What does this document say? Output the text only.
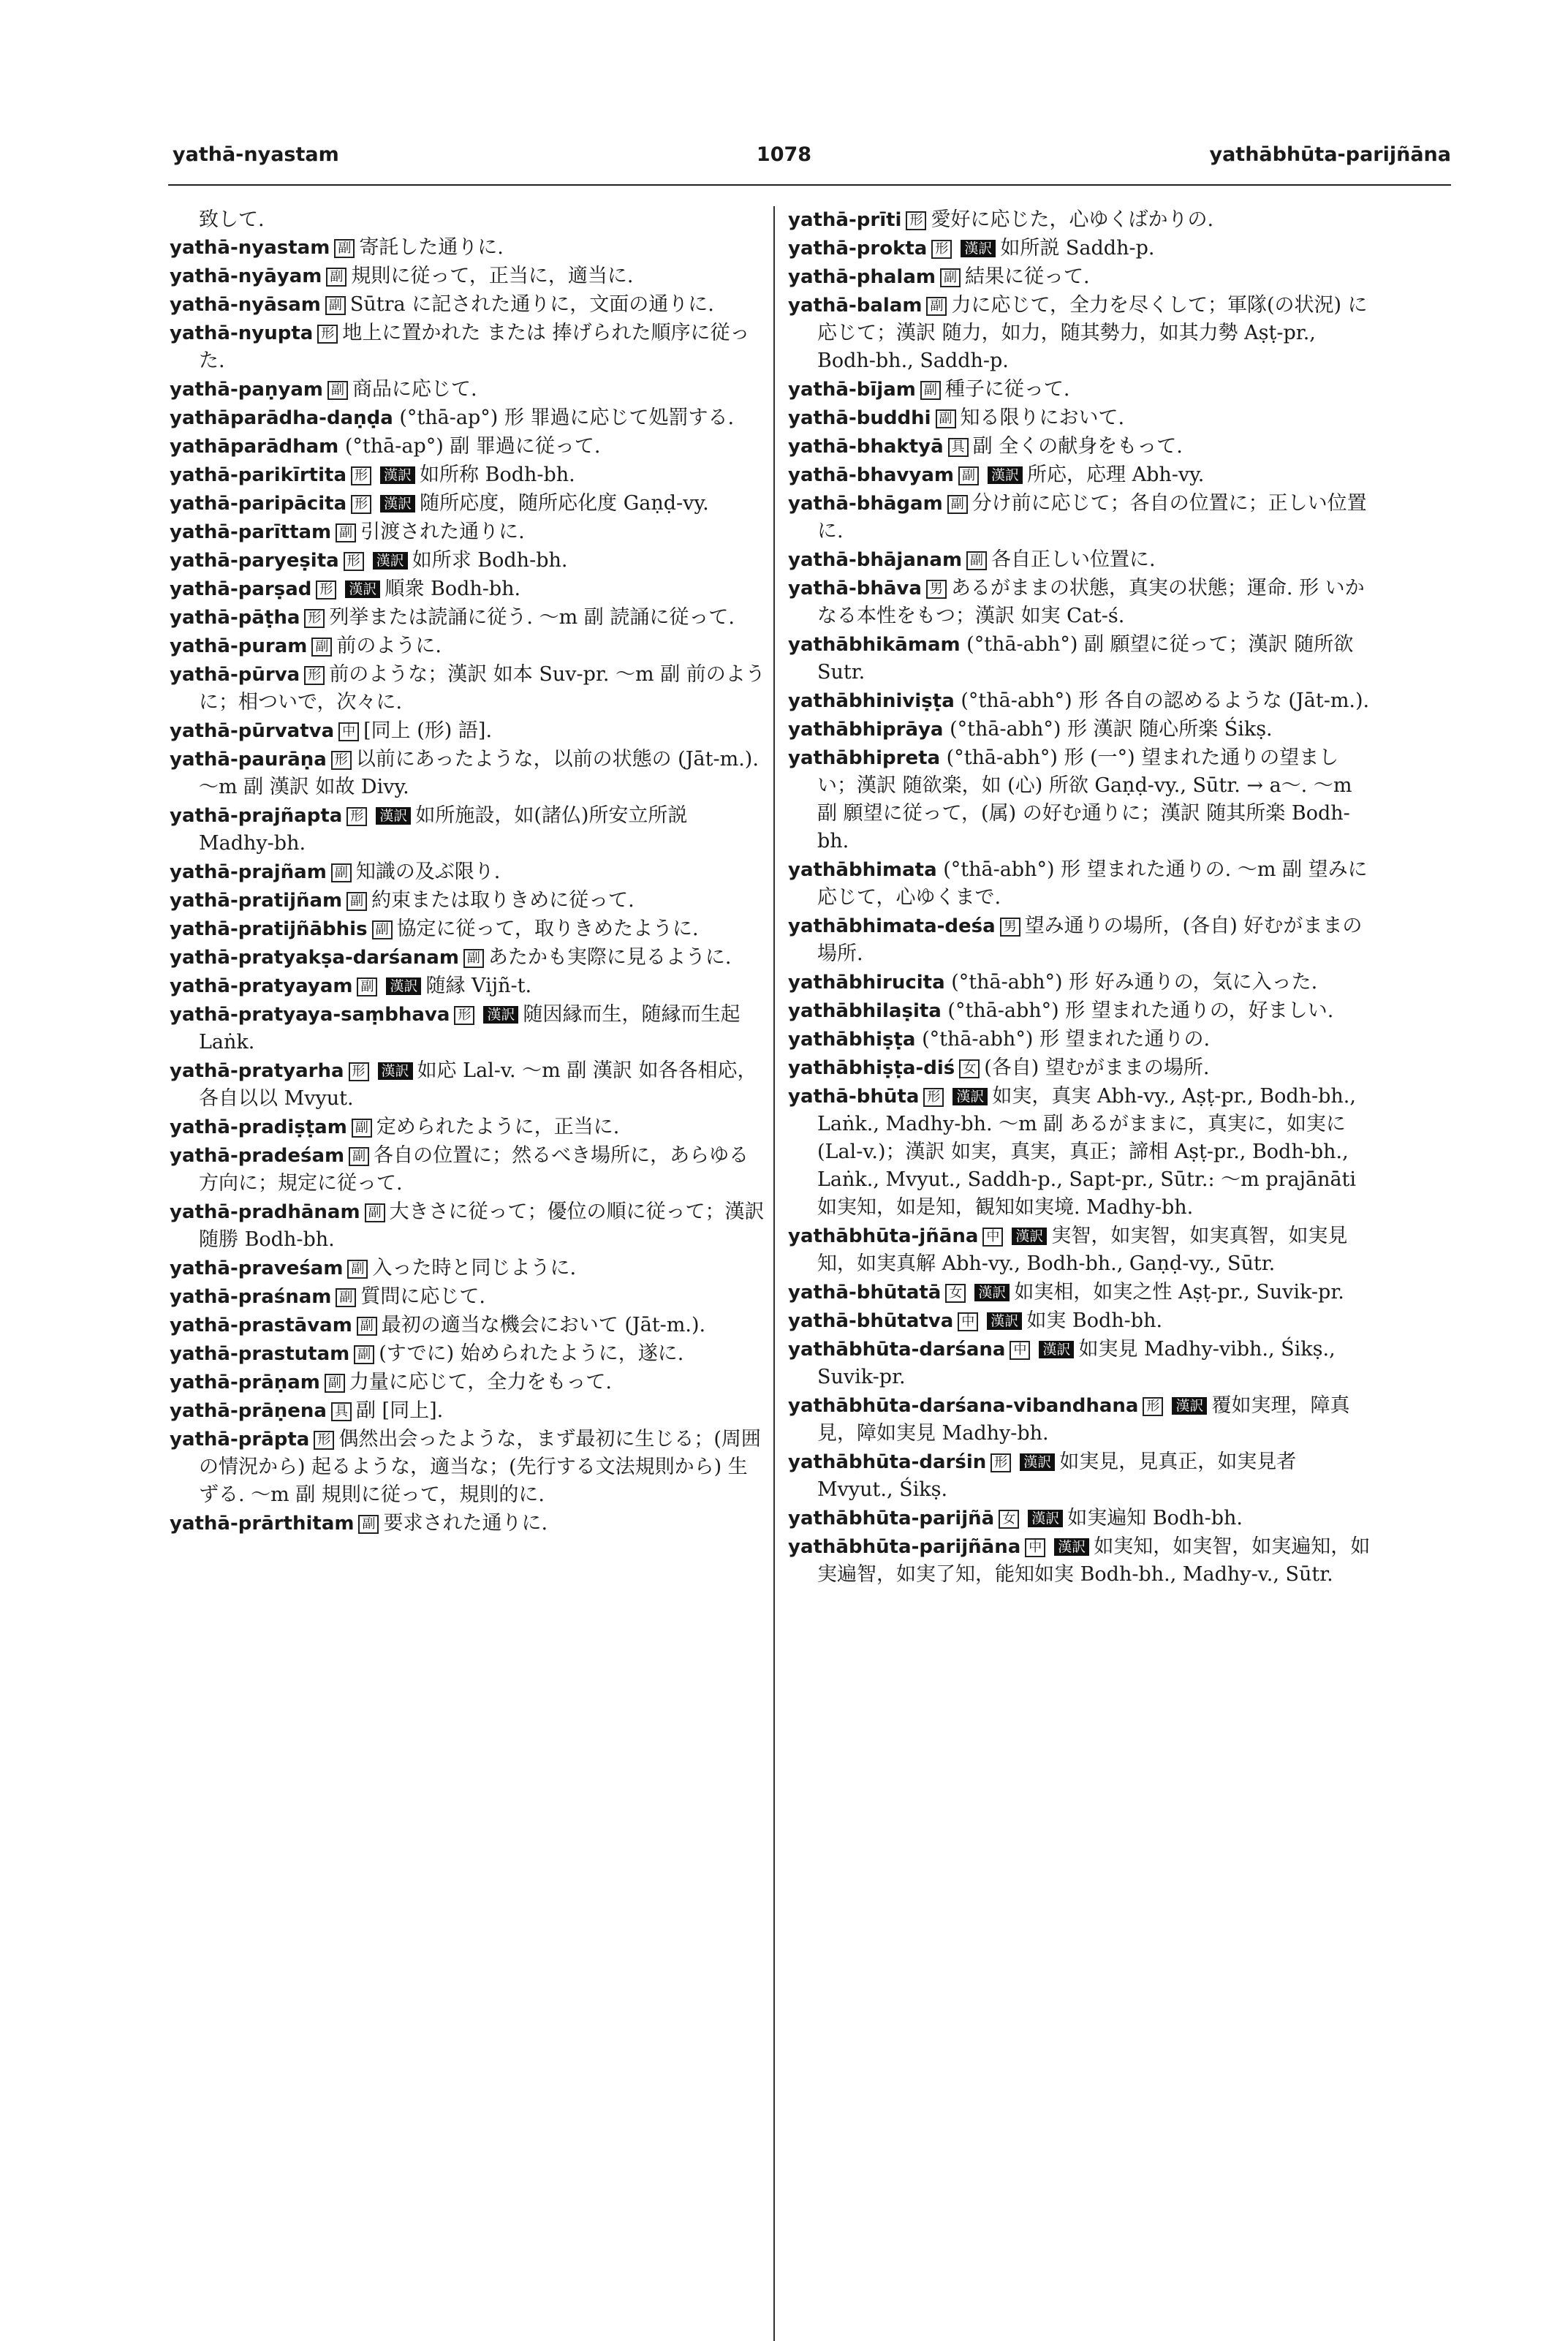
yathā-nyastam	1078	yathābhūta-parijñāna

致して.

yathā-nyastam 副 寄託した通りに.

yathā-nyāyam 副 規則に従って，正当に，適当に.

yathā-nyāsam 副 Sūtra に記された通りに，文面の通りに.

yathā-nyupta 形 地上に置かれた または 捧げられた順序に従った.

yathā-paṇyam 副 商品に応じて.

yathāparādha-daṇḍa (°thā-ap°) 形 罪過に応じて処罰する.

yathāparādham (°thā-ap°) 副 罪過に従って.

yathā-parikīrtita 形 漢訳 如所称 Bodh-bh.

yathā-paripācita 形 漢訳 随所応度，随所応化度 Gaṇḍ-vy.

yathā-parīttam 副 引渡された通りに.

yathā-paryeṣita 形 漢訳 如所求 Bodh-bh.

yathā-parṣad 形 漢訳 順衆 Bodh-bh.

yathā-pāṭha 形 列挙または読誦に従う. ～m 副 読誦に従って.

yathā-puram 副 前のように.

yathā-pūrva 形 前のような；漢訳 如本 Suv-pr. ～m 副 前のように；相ついで，次々に.

yathā-pūrvatva 中 [同上 (形) 語].

yathā-paurāṇa 形 以前にあったような，以前の状態の (Jāt-m.). ～m 副 漢訳 如故 Divy.

yathā-prajñapta 形 漢訳 如所施設，如(諸仏)所安立所説 Madhy-bh.

yathā-prajñam 副 知識の及ぶ限り.

yathā-pratijñam 副 約束または取りきめに従って.

yathā-pratijñābhis 副 協定に従って，取りきめたように.

yathā-pratyakṣa-darśanam 副 あたかも実際に見るように.

yathā-pratyayam 副 漢訳 随縁 Vijñ-t.

yathā-pratyaya-saṃbhava 形 漢訳 随因縁而生，随縁而生起 Laṅk.

yathā-pratyarha 形 漢訳 如応 Lal-v. ～m 副 漢訳 如各各相応，各自以以 Mvyut.

yathā-pradiṣṭam 副 定められたように，正当に.

yathā-pradeśam 副 各自の位置に；然るべき場所に，あらゆる方向に；規定に従って.

yathā-pradhānam 副 大きさに従って；優位の順に従って；漢訳 随勝 Bodh-bh.

yathā-praveśam 副 入った時と同じように.

yathā-praśnam 副 質問に応じて.

yathā-prastāvam 副 最初の適当な機会において (Jāt-m.).

yathā-prastutam 副 (すでに) 始められたように，遂に.

yathā-prāṇam 副 力量に応じて，全力をもって.

yathā-prāṇena 具 副 [同上].

yathā-prāpta 形 偶然出会ったような，まず最初に生じる；(周囲の情況から) 起るような，適当な；(先行する文法規則から) 生ずる. ～m 副 規則に従って，規則的に.

yathā-prārthitam 副 要求された通りに.

yathā-prīti 形 愛好に応じた，心ゆくばかりの.

yathā-prokta 形 漢訳 如所説 Saddh-p.

yathā-phalam 副 結果に従って.

yathā-balam 副 力に応じて，全力を尽くして；軍隊(の状況) に応じて；漢訳 随力，如力，随其勢力，如其力勢 Aṣṭ-pr., Bodh-bh., Saddh-p.

yathā-bījam 副 種子に従って.

yathā-buddhi 副 知る限りにおいて.

yathā-bhaktyā 具 副 全くの献身をもって.

yathā-bhavyam 副 漢訳 所応，応理 Abh-vy.

yathā-bhāgam 副 分け前に応じて；各自の位置に；正しい位置に.

yathā-bhājanam 副 各自正しい位置に.

yathā-bhāva 男 あるがままの状態，真実の状態；運命. 形 いかなる本性をもつ；漢訳 如実 Cat-ś.

yathābhikāmam (°thā-abh°) 副 願望に従って；漢訳 随所欲 Sutr.

yathābhiniviṣṭa (°thā-abh°) 形 各自の認めるような (Jāt-m.).

yathābhiprāya (°thā-abh°) 形 漢訳 随心所楽 Śikṣ.

yathābhipreta (°thā-abh°) 形 (一°) 望まれた通りの望ましい；漢訳 随欲楽，如 (心) 所欲 Gaṇḍ-vy., Sūtr. → a～. ～m 副 願望に従って，(属) の好む通りに；漢訳 随其所楽 Bodh-bh.

yathābhimata (°thā-abh°) 形 望まれた通りの. ～m 副 望みに応じて，心ゆくまで.

yathābhimata-deśa 男 望み通りの場所，(各自) 好むがままの場所.

yathābhirucita (°thā-abh°) 形 好み通りの，気に入った.

yathābhilaṣita (°thā-abh°) 形 望まれた通りの，好ましい.

yathābhiṣṭa (°thā-abh°) 形 望まれた通りの.

yathābhiṣṭa-diś 女 (各自) 望むがままの場所.

yathā-bhūta 形 漢訳 如実，真実 Abh-vy., Aṣṭ-pr., Bodh-bh., Laṅk., Madhy-bh. ～m 副 あるがままに，真実に，如実に (Lal-v.)；漢訳 如実，真実，真正；諦相 Aṣṭ-pr., Bodh-bh., Laṅk., Mvyut., Saddh-p., Sapt-pr., Sūtr.: ～m prajānāti 如実知，如是知，観知如実境. Madhy-bh.

yathābhūta-jñāna 中 漢訳 実智，如実智，如実真智，如実見知，如実真解 Abh-vy., Bodh-bh., Gaṇḍ-vy., Sūtr.

yathā-bhūtatā 女 漢訳 如実相，如実之性 Aṣṭ-pr., Suvik-pr.

yathā-bhūtatva 中 漢訳 如実 Bodh-bh.

yathābhūta-darśana 中 漢訳 如実見 Madhy-vibh., Śikṣ., Suvik-pr.

yathābhūta-darśana-vibandhana 形 漢訳 覆如実理，障真見，障如実見 Madhy-bh.

yathābhūta-darśin 形 漢訳 如実見，見真正，如実見者 Mvyut., Śikṣ.

yathābhūta-parijñā 女 漢訳 如実遍知 Bodh-bh.

yathābhūta-parijñāna 中 漢訳 如実知，如実智，如実遍知，如実遍智，如実了知，能知如実 Bodh-bh., Madhy-v., Sūtr.
